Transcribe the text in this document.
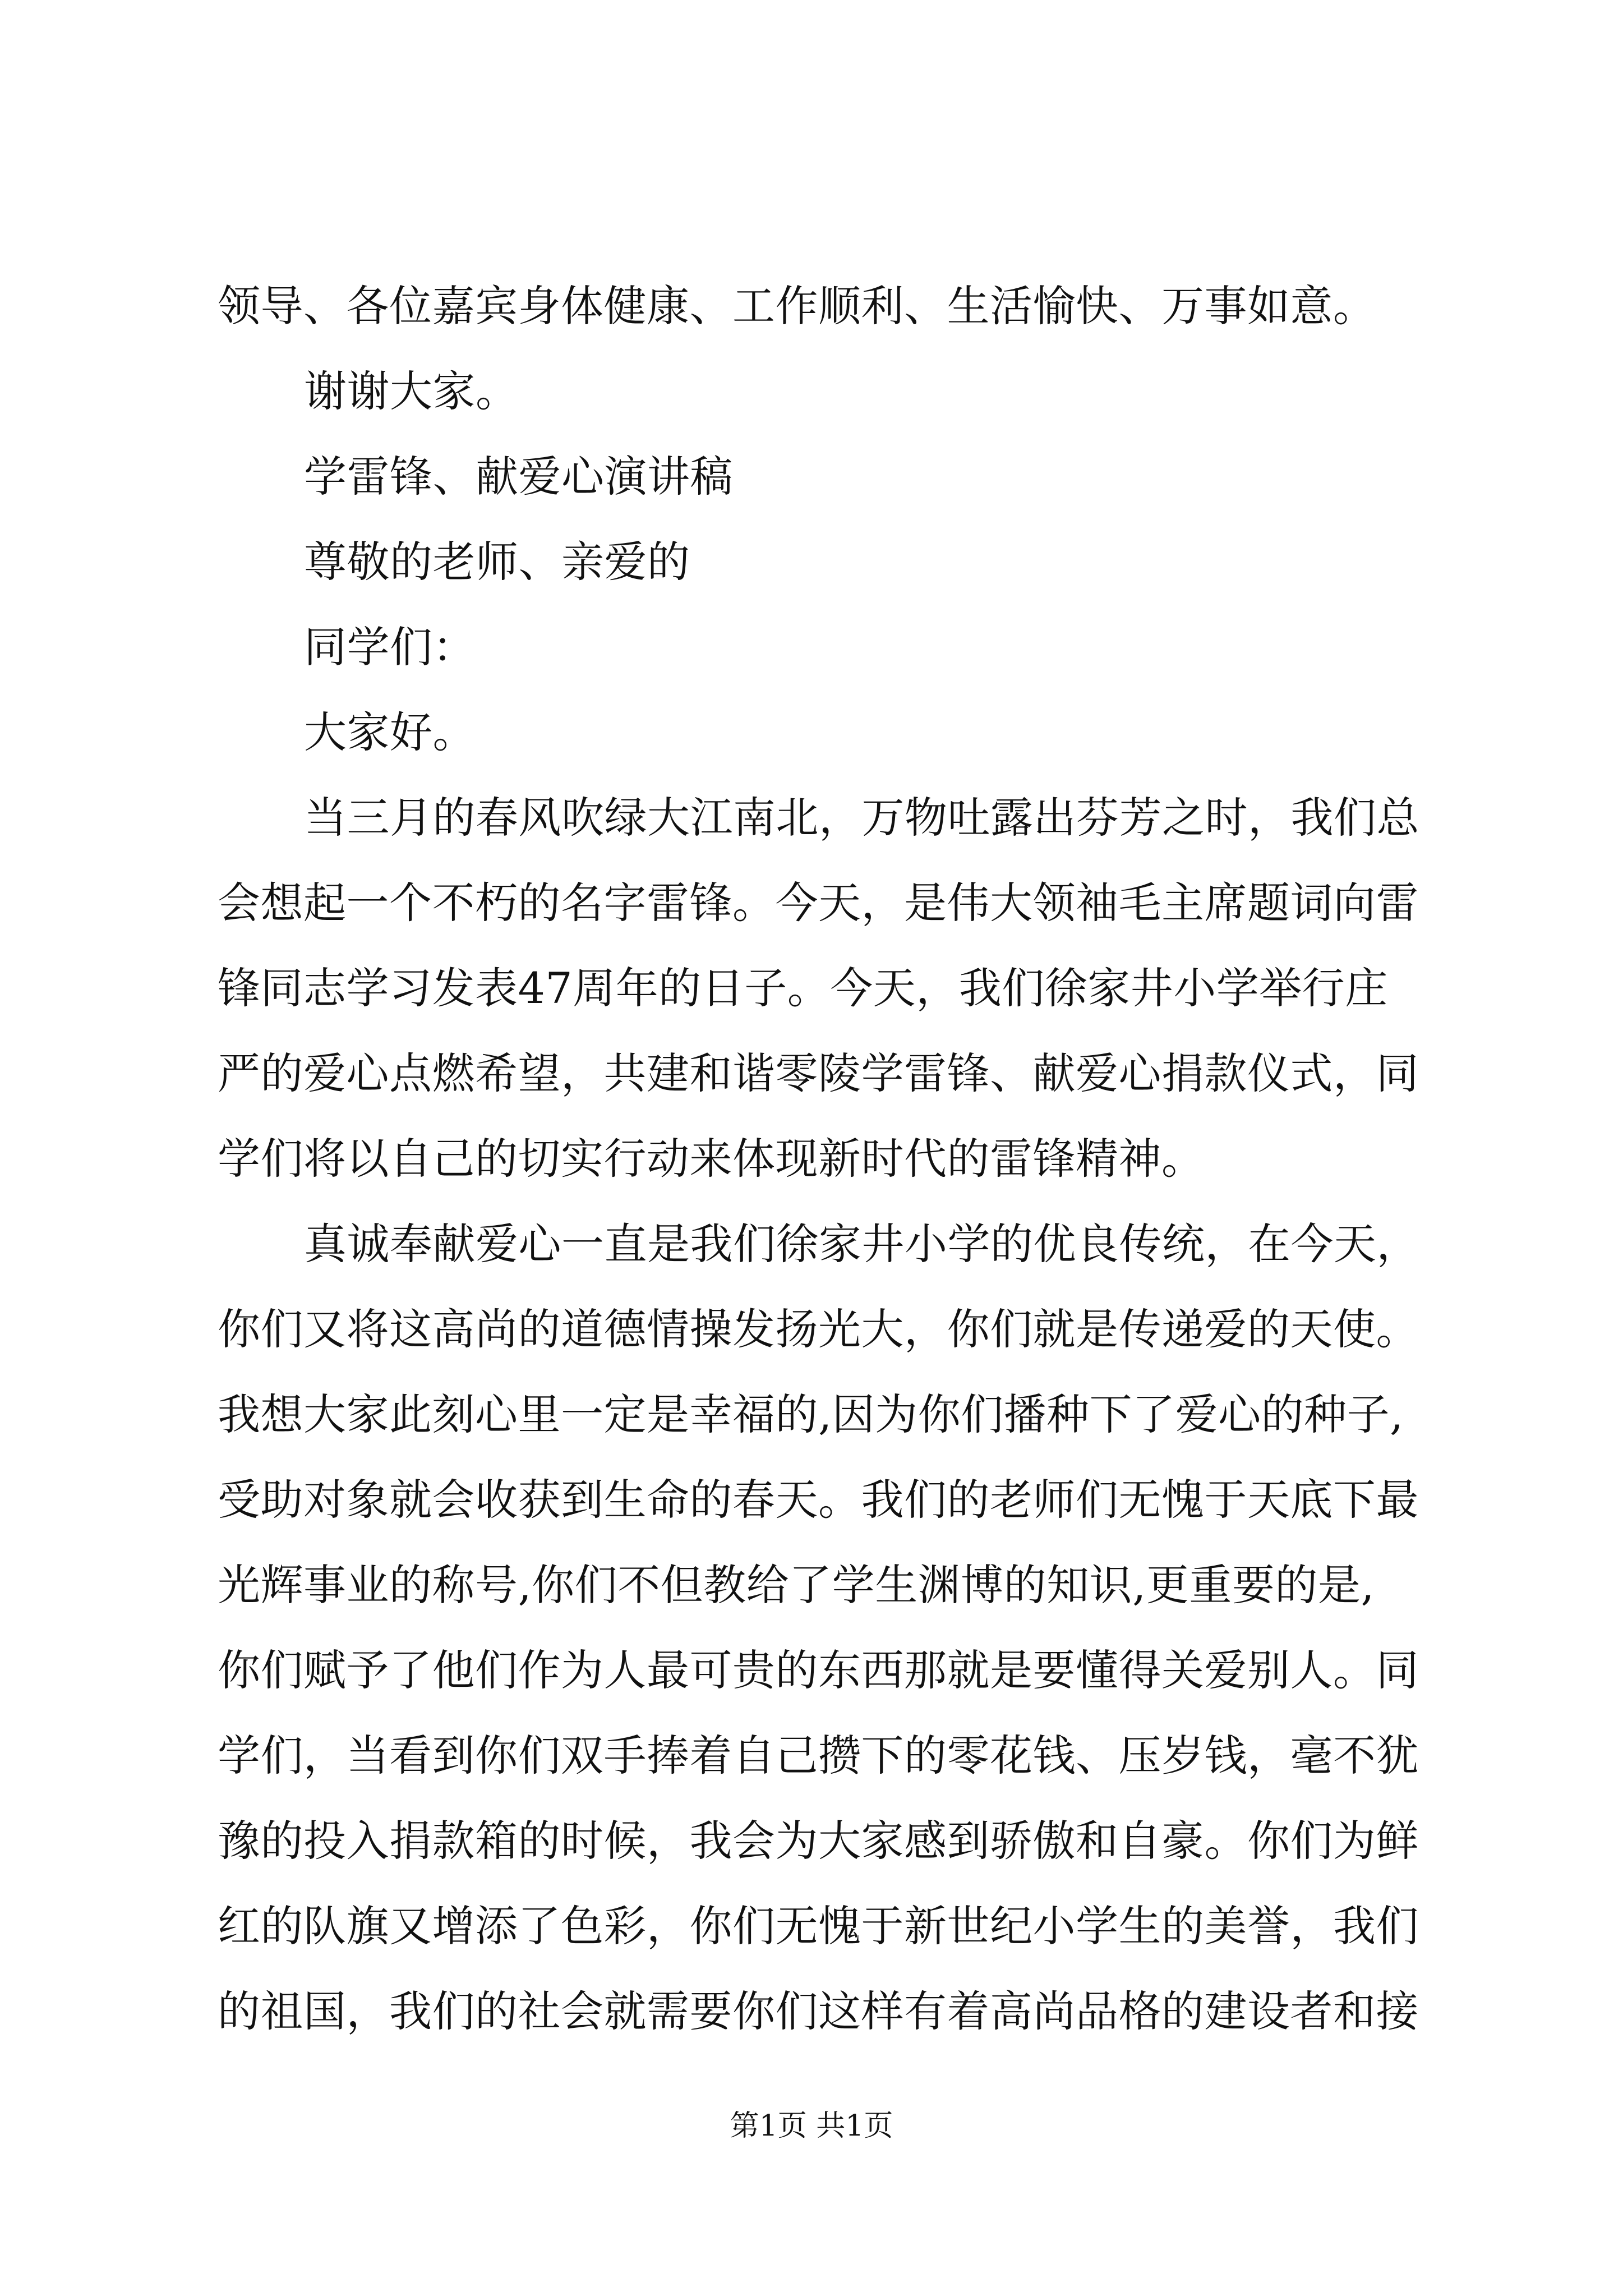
领导、各位嘉宾身体健康、工作顺利、生活愉快、万事如意。
谢谢大家。
学雷锋、献爱心演讲稿
尊敬的老师、亲爱的
同学们：
大家好。
当三月的春风吹绿大江南北，万物吐露出芬芳之时，我们总
会想起一个不朽的名字雷锋。今天，是伟大领袖毛主席题词向雷
锋同志学习发表47周年的日子。今天，我们徐家井小学举行庄
严的爱心点燃希望，共建和谐零陵学雷锋、献爱心捐款仪式，同
学们将以自己的切实行动来体现新时代的雷锋精神。
真诚奉献爱心一直是我们徐家井小学的优良传统，在今天，
你们又将这高尚的道德情操发扬光大，你们就是传递爱的天使。
我想大家此刻心里一定是幸福的,因为你们播种下了爱心的种子,
受助对象就会收获到生命的春天。我们的老师们无愧于天底下最
光辉事业的称号,你们不但教给了学生渊博的知识,更重要的是,
你们赋予了他们作为人最可贵的东西那就是要懂得关爱别人。同
学们，当看到你们双手捧着自己攒下的零花钱、压岁钱，毫不犹
豫的投入捐款箱的时候，我会为大家感到骄傲和自豪。你们为鲜
红的队旗又增添了色彩，你们无愧于新世纪小学生的美誉，我们
的祖国，我们的社会就需要你们这样有着高尚品格的建设者和接
第1页 共1页
